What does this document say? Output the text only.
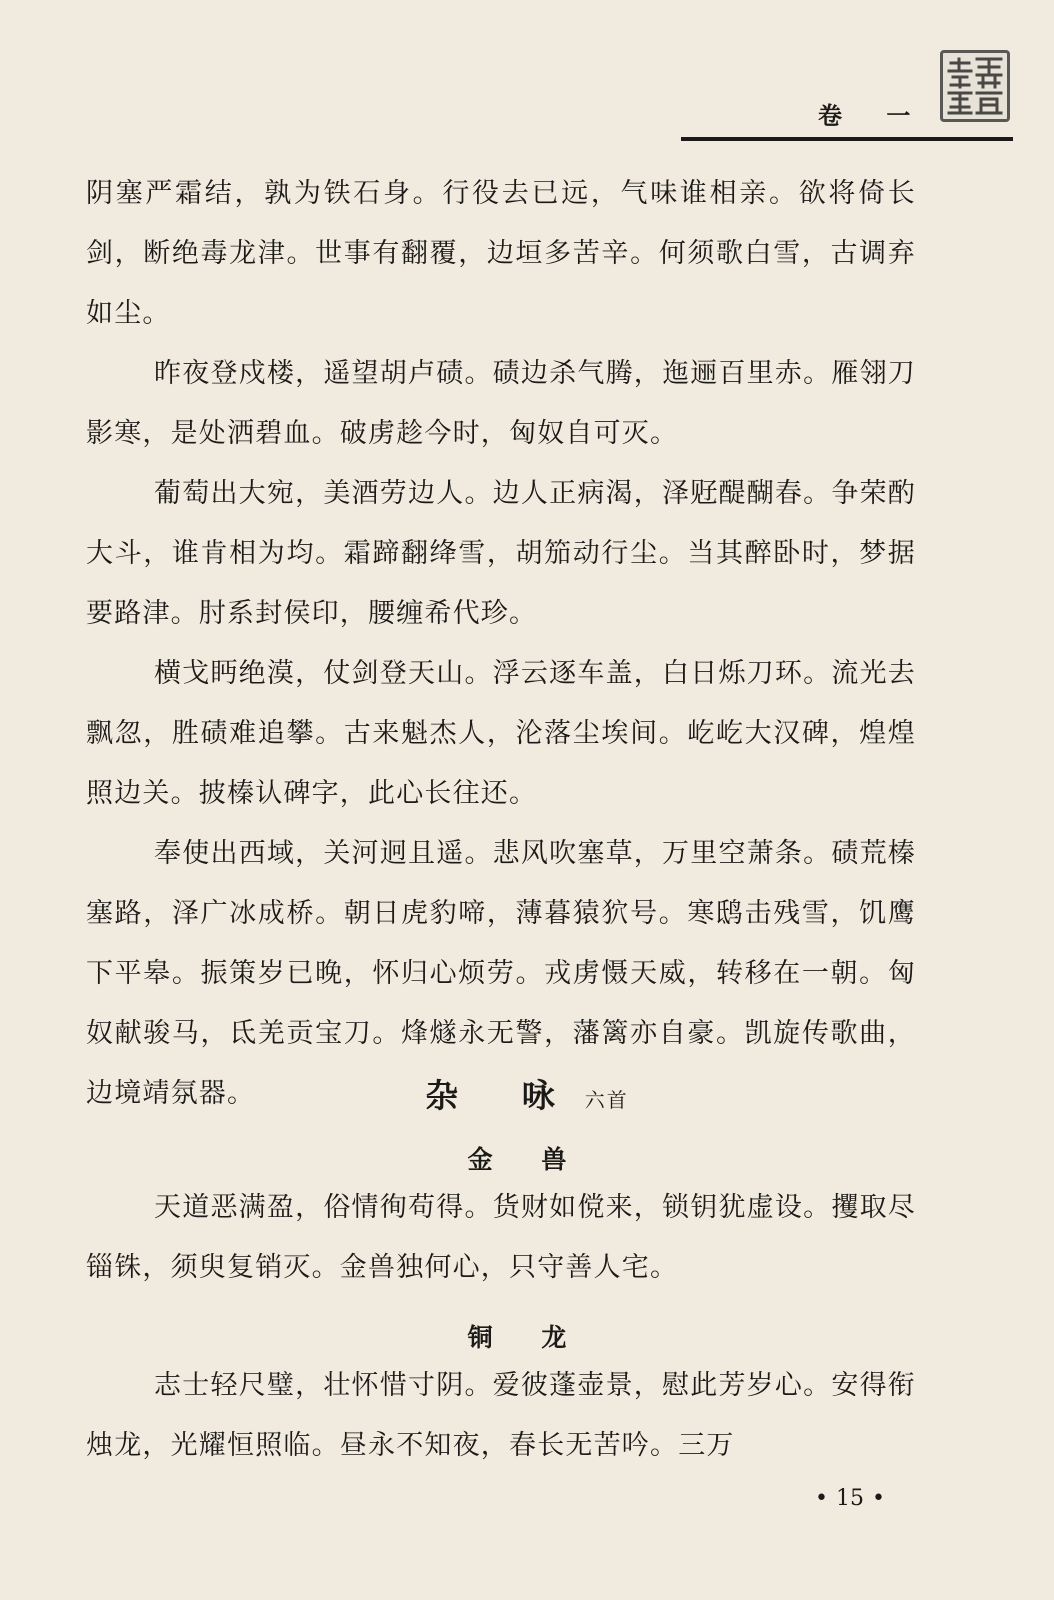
卷 一

阴塞严霜结，孰为铁石身。行役去已远，气味谁相亲。欲将倚长剑，断绝毒龙津。世事有翻覆，边垣多苦辛。何须歌白雪，古调弃如尘。

昨夜登戍楼，遥望胡卢碛。碛边杀气腾，迤逦百里赤。雁翎刀影寒，是处洒碧血。破虏趁今时，匈奴自可灭。

葡萄出大宛，美酒劳边人。边人正病渴，泽觃醍醐春。争荣酌大斗，谁肯相为均。霜蹄翻绛雪，胡笳动行尘。当其醉卧时，梦据要路津。肘系封侯印，腰缠希代珍。

横戈眄绝漠，仗剑登天山。浮云逐车盖，白日烁刀环。流光去飘忽，胜碛难追攀。古来魁杰人，沦落尘埃间。屹屹大汉碑，煌煌照边关。披榛认碑字，此心长往还。

奉使出西域，关河迥且遥。悲风吹塞草，万里空萧条。碛荒榛塞路，泽广冰成桥。朝日虎豹啼，薄暮猿狖号。寒鸱击残雪，饥鹰下平皋。振策岁已晚，怀归心烦劳。戎虏慑天威，转移在一朝。匈奴献骏马，氐羌贡宝刀。烽燧永无警，藩篱亦自豪。凯旋传歌曲，边境靖氛器。	杂 咏 六首
金 兽

天道恶满盈，俗情徇苟得。货财如傥来，锁钥犹虚设。攫取尽锱铢，须臾复销灭。金兽独何心，只守善人宅。

铜 龙

志士轻尺璧，壮怀惜寸阴。爱彼蓬壶景，慰此芳岁心。安得衔烛龙，光耀恒照临。昼永不知夜，春长无苦吟。三万

• 15 •
